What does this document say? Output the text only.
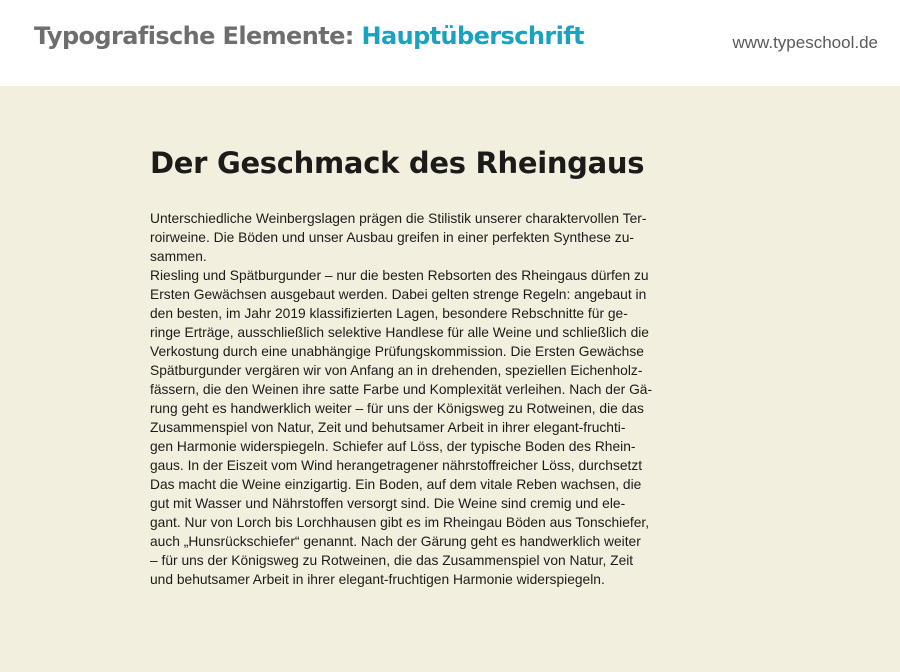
Typografische Elemente: Hauptüberschrift	www.typeschool.de
Der Geschmack des Rheingaus
Unterschiedliche Weinbergslagen prägen die Stilistik unserer charaktervollen Ter-
roirweine. Die Böden und unser Ausbau greifen in einer perfekten Synthese zu-
sammen.
Riesling und Spätburgunder – nur die besten Rebsorten des Rheingaus dürfen zu
Ersten Gewächsen ausgebaut werden. Dabei gelten strenge Regeln: angebaut in
den besten, im Jahr 2019 klassifizierten Lagen, besondere Rebschnitte für ge-
ringe Erträge, ausschließlich selektive Handlese für alle Weine und schließlich die
Verkostung durch eine unabhängige Prüfungskommission. Die Ersten Gewächse
Spätburgunder vergären wir von Anfang an in drehenden, speziellen Eichenholz-
fässern, die den Weinen ihre satte Farbe und Komplexität verleihen. Nach der Gä-
rung geht es handwerklich weiter – für uns der Königsweg zu Rotweinen, die das
Zusammenspiel von Natur, Zeit und behutsamer Arbeit in ihrer elegant-fruchti-
gen Harmonie widerspiegeln. Schiefer auf Löss, der typische Boden des Rhein-
gaus. In der Eiszeit vom Wind herangetragener nährstoffreicher Löss, durchsetzt
Das macht die Weine einzigartig. Ein Boden, auf dem vitale Reben wachsen, die
gut mit Wasser und Nährstoffen versorgt sind. Die Weine sind cremig und ele-
gant. Nur von Lorch bis Lorchhausen gibt es im Rheingau Böden aus Tonschiefer,
auch „Hunsrückschiefer“ genannt. Nach der Gärung geht es handwerklich weiter
– für uns der Königsweg zu Rotweinen, die das Zusammenspiel von Natur, Zeit
und behutsamer Arbeit in ihrer elegant-fruchtigen Harmonie widerspiegeln.
